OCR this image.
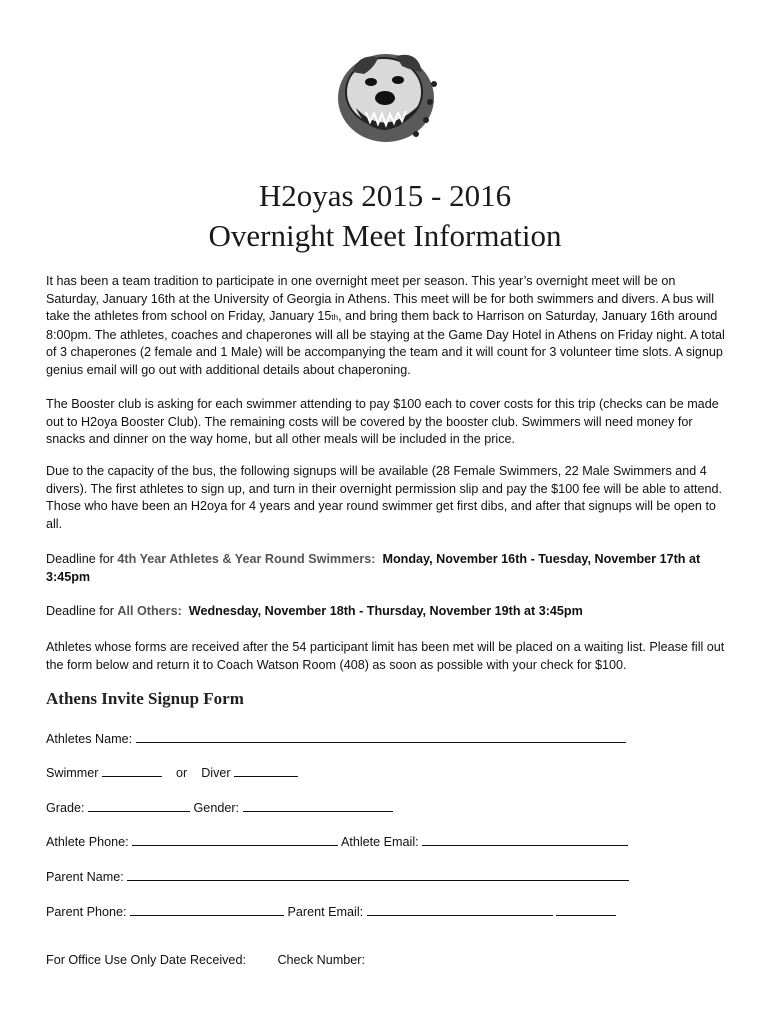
H2oyas 2015 - 2016
Overnight Meet Information

It has been a team tradition to participate in one overnight meet per season. This year’s overnight meet will be on Saturday, January 16th at the University of Georgia in Athens. This meet will be for both swimmers and divers. A bus will take the athletes from school on Friday, January 15th, and bring them back to Harrison on Saturday, January 16th around 8:00pm. The athletes, coaches and chaperones will all be staying at the Game Day Hotel in Athens on Friday night. A total of 3 chaperones (2 female and 1 Male) will be accompanying the team and it will count for 3 volunteer time slots. A signup genius email will go out with additional details about chaperoning.

The Booster club is asking for each swimmer attending to pay $100 each to cover costs for this trip (checks can be made out to H2oya Booster Club). The remaining costs will be covered by the booster club. Swimmers will need money for snacks and dinner on the way home, but all other meals will be included in the price.

Due to the capacity of the bus, the following signups will be available (28 Female Swimmers, 22 Male Swimmers and 4 divers). The first athletes to sign up, and turn in their overnight permission slip and pay the $100 fee will be able to attend. Those who have been an H2oya for 4 years and year round swimmer get first dibs, and after that signups will be open to all.

Deadline for 4th Year Athletes & Year Round Swimmers: Monday, November 16th - Tuesday, November 17th at 3:45pm

Deadline for All Others: Wednesday, November 18th - Thursday, November 19th at 3:45pm

Athletes whose forms are received after the 54 participant limit has been met will be placed on a waiting list. Please fill out the form below and return it to Coach Watson Room (408) as soon as possible with your check for $100.

Athens Invite Signup Form
Athletes Name:
Swimmer	or Diver
Grade:	Gender:
Athlete Phone:	Athlete Email:
Parent Name:
Parent Phone:	Parent Email:
For Office Use Only Date Received:	Check Number:
